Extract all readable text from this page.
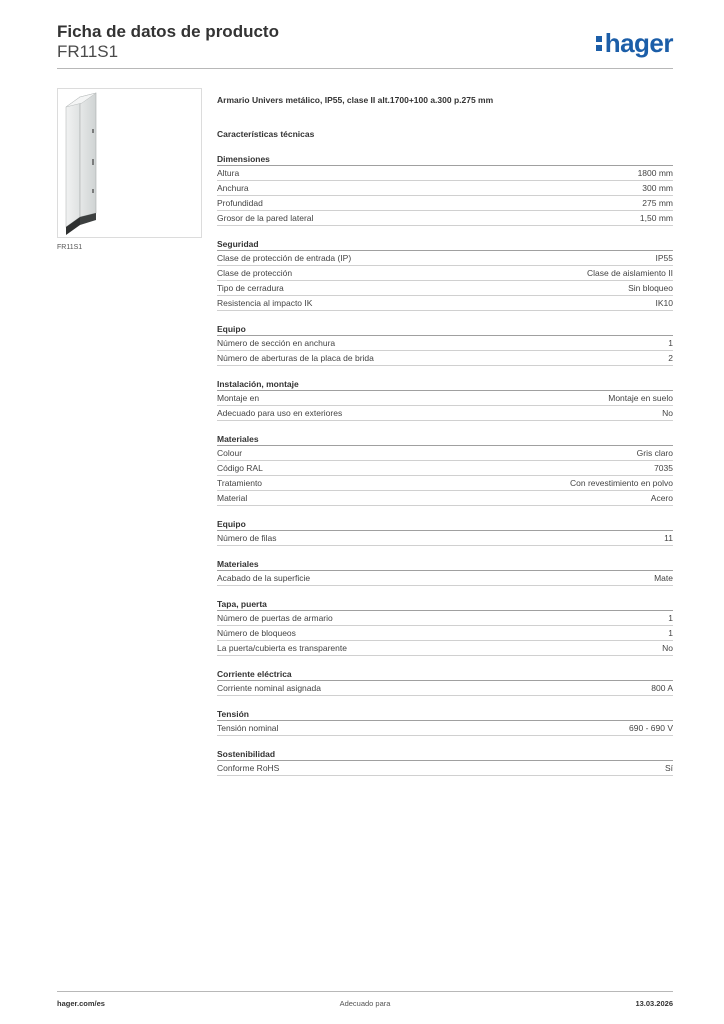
Ficha de datos de producto
FR11S1	hager
FR11S1
Armario Univers metálico, IP55, clase II alt.1700+100 a.300 p.275 mm
Características técnicas
Dimensiones
Altura	1800 mm
Anchura	300 mm
Profundidad	275 mm
Grosor de la pared lateral	1,50 mm
Seguridad
Clase de protección de entrada (IP)	IP55
Clase de protección	Clase de aislamiento II
Tipo de cerradura	Sin bloqueo
Resistencia al impacto IK	IK10
Equipo
Número de sección en anchura	1
Número de aberturas de la placa de brida	2
Instalación, montaje
Montaje en	Montaje en suelo
Adecuado para uso en exteriores	No
Materiales
Colour	Gris claro
Código RAL	7035
Tratamiento	Con revestimiento en polvo
Material	Acero
Equipo
Número de filas	11
Materiales
Acabado de la superficie	Mate
Tapa, puerta
Número de puertas de armario	1
Número de bloqueos	1
La puerta/cubierta es transparente	No
Corriente eléctrica
Corriente nominal asignada	800 A
Tensión
Tensión nominal	690 - 690 V
Sostenibilidad
Conforme RoHS	Sí
hager.com/es	Adecuado para	13.03.2026
